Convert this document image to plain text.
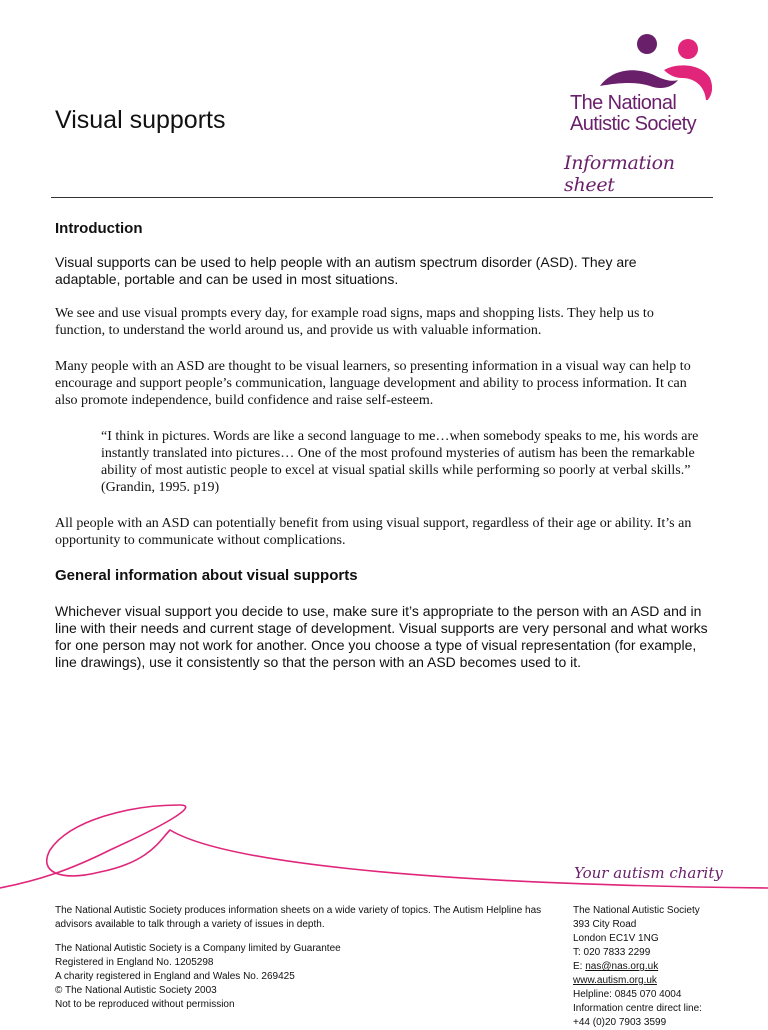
Visual supports
The National
Autistic Society
Information sheet
Introduction

Visual supports can be used to help people with an autism spectrum disorder (ASD). They are adaptable, portable and can be used in most situations.

We see and use visual prompts every day, for example road signs, maps and shopping lists. They help us to function, to understand the world around us, and provide us with valuable information.

Many people with an ASD are thought to be visual learners, so presenting information in a visual way can help to encourage and support people’s communication, language development and ability to process information. It can also promote independence, build confidence and raise self-esteem.

“I think in pictures. Words are like a second language to me…when somebody speaks to me, his words are instantly translated into pictures… One of the most profound mysteries of autism has been the remarkable ability of most autistic people to excel at visual spatial skills while performing so poorly at verbal skills.” (Grandin, 1995. p19)

All people with an ASD can potentially benefit from using visual support, regardless of their age or ability. It’s an opportunity to communicate without complications.

General information about visual supports

Whichever visual support you decide to use, make sure it’s appropriate to the person with an ASD and in line with their needs and current stage of development. Visual supports are very personal and what works for one person may not work for another. Once you choose a type of visual representation (for example, line drawings), use it consistently so that the person with an ASD becomes used to it.

Your autism charity

The National Autistic Society produces information sheets on a wide variety of topics. The Autism Helpline has advisors available to talk through a variety of issues in depth.

The National Autistic Society is a Company limited by Guarantee

Registered in England No. 1205298

A charity registered in England and Wales No. 269425

© The National Autistic Society 2003

Not to be reproduced without permission

The National Autistic Society

393 City Road

London EC1V 1NG

T: 020 7833 2299

E: nas@nas.org.uk

www.autism.org.uk

Helpline: 0845 070 4004

Information centre direct line:

+44 (0)20 7903 3599
